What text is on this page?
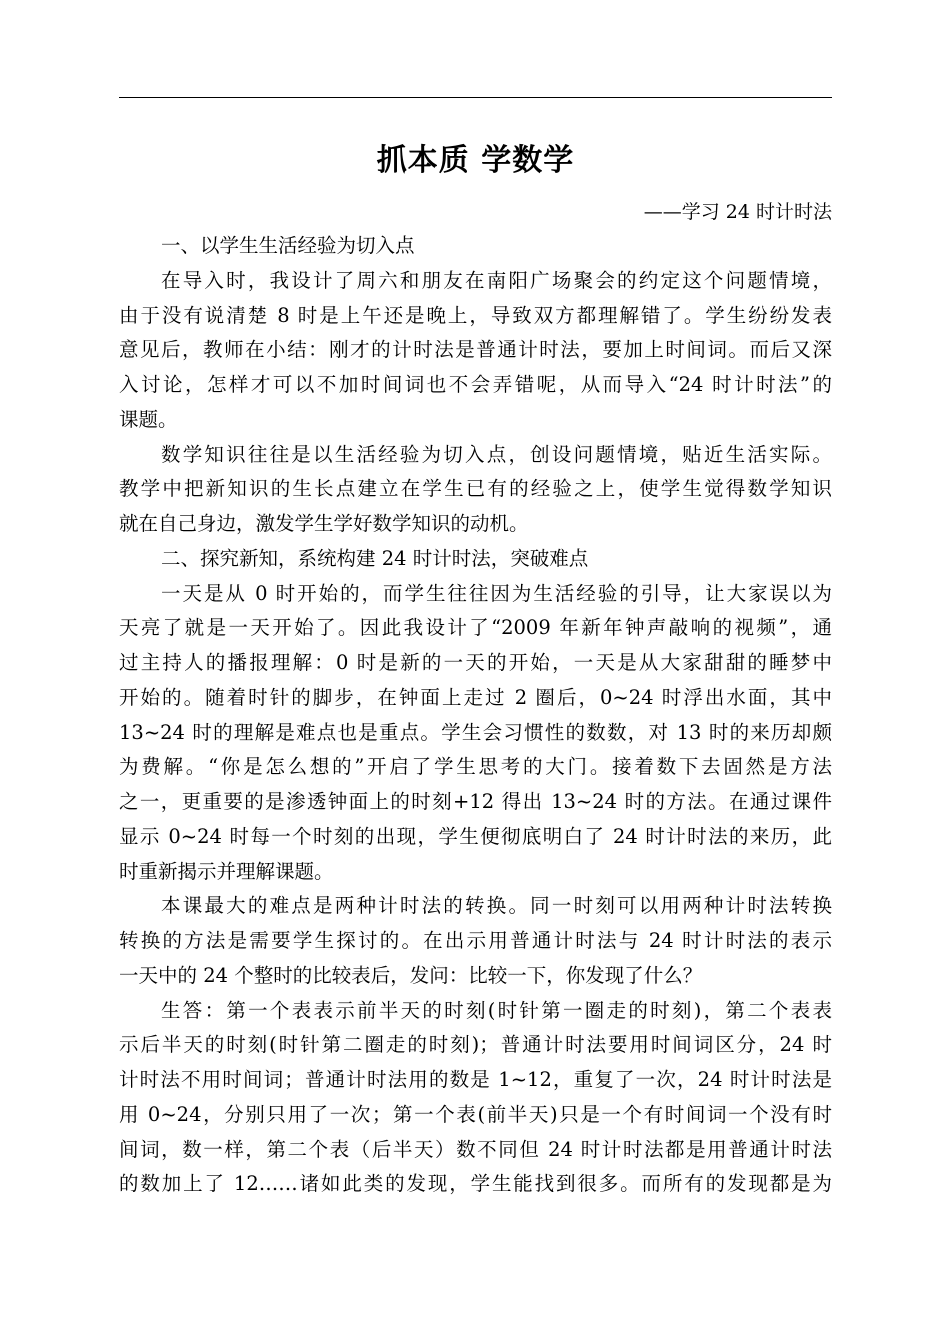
抓本质 学数学
——学习 24 时计时法
一、以学生生活经验为切入点
在导入时，我设计了周六和朋友在南阳广场聚会的约定这个问题情境，
由于没有说清楚 8 时是上午还是晚上，导致双方都理解错了。学生纷纷发表
意见后，教师在小结：刚才的计时法是普通计时法，要加上时间词。而后又深
入讨论，怎样才可以不加时间词也不会弄错呢，从而导入“24 时计时法”的
课题。
数学知识往往是以生活经验为切入点，创设问题情境，贴近生活实际。
教学中把新知识的生长点建立在学生已有的经验之上，使学生觉得数学知识
就在自己身边，激发学生学好数学知识的动机。
二、探究新知，系统构建 24 时计时法，突破难点
一天是从 0 时开始的，而学生往往因为生活经验的引导，让大家误以为
天亮了就是一天开始了。因此我设计了“2009 年新年钟声敲响的视频”，通
过主持人的播报理解：0 时是新的一天的开始，一天是从大家甜甜的睡梦中
开始的。随着时针的脚步，在钟面上走过 2 圈后，0~24 时浮出水面，其中
13~24 时的理解是难点也是重点。学生会习惯性的数数，对 13 时的来历却颇
为费解。“你是怎么想的”开启了学生思考的大门。接着数下去固然是方法
之一，更重要的是渗透钟面上的时刻+12 得出 13~24 时的方法。在通过课件
显示 0~24 时每一个时刻的出现，学生便彻底明白了 24 时计时法的来历，此
时重新揭示并理解课题。
本课最大的难点是两种计时法的转换。同一时刻可以用两种计时法转换
转换的方法是需要学生探讨的。在出示用普通计时法与 24 时计时法的表示
一天中的 24 个整时的比较表后，发问：比较一下，你发现了什么？
生答：第一个表表示前半天的时刻(时针第一圈走的时刻)，第二个表表
示后半天的时刻(时针第二圈走的时刻)；普通计时法要用时间词区分，24 时
计时法不用时间词；普通计时法用的数是 1~12，重复了一次，24 时计时法是
用 0~24，分别只用了一次；第一个表(前半天)只是一个有时间词一个没有时
间词，数一样，第二个表（后半天）数不同但 24 时计时法都是用普通计时法
的数加上了 12……诸如此类的发现，学生能找到很多。而所有的发现都是为
